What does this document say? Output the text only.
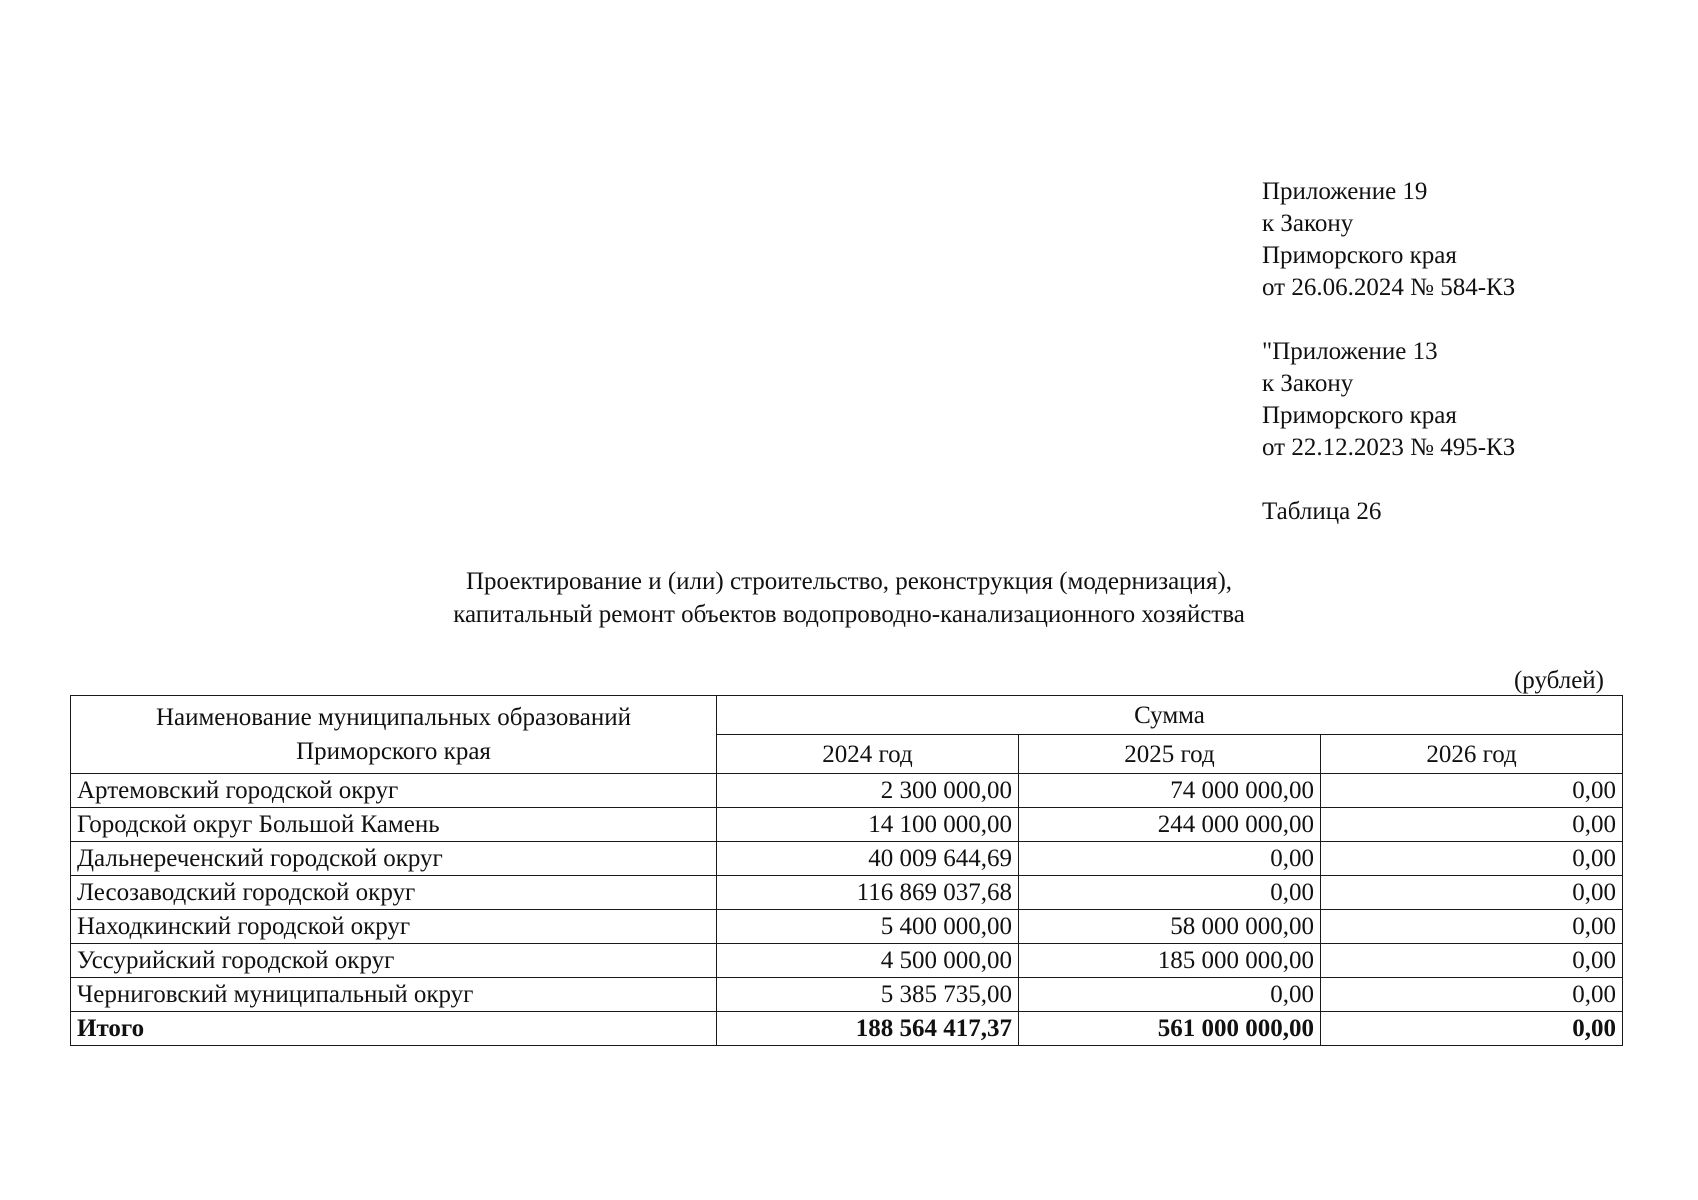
Приложение 19
к Закону
Приморского края
от 26.06.2024 № 584-КЗ
"Приложение 13
к Закону
Приморского края
от 22.12.2023 № 495-КЗ
Таблица 26
Проектирование и (или) строительство, реконструкция (модернизация),
капитальный ремонт объектов водопроводно-канализационного хозяйства
(рублей)
Наименование муниципальных образований
Приморского края	Сумма		
	2024 год	2025 год	2026 год
Артемовский городской округ	2 300 000,00	74 000 000,00	0,00
Городской округ Большой Камень	14 100 000,00	244 000 000,00	0,00
Дальнереченский городской округ	40 009 644,69	0,00	0,00
Лесозаводский городской округ	116 869 037,68	0,00	0,00
Находкинский городской округ	5 400 000,00	58 000 000,00	0,00
Уссурийский городской округ	4 500 000,00	185 000 000,00	0,00
Черниговский муниципальный округ	5 385 735,00	0,00	0,00
Итого	188 564 417,37	561 000 000,00	0,00
